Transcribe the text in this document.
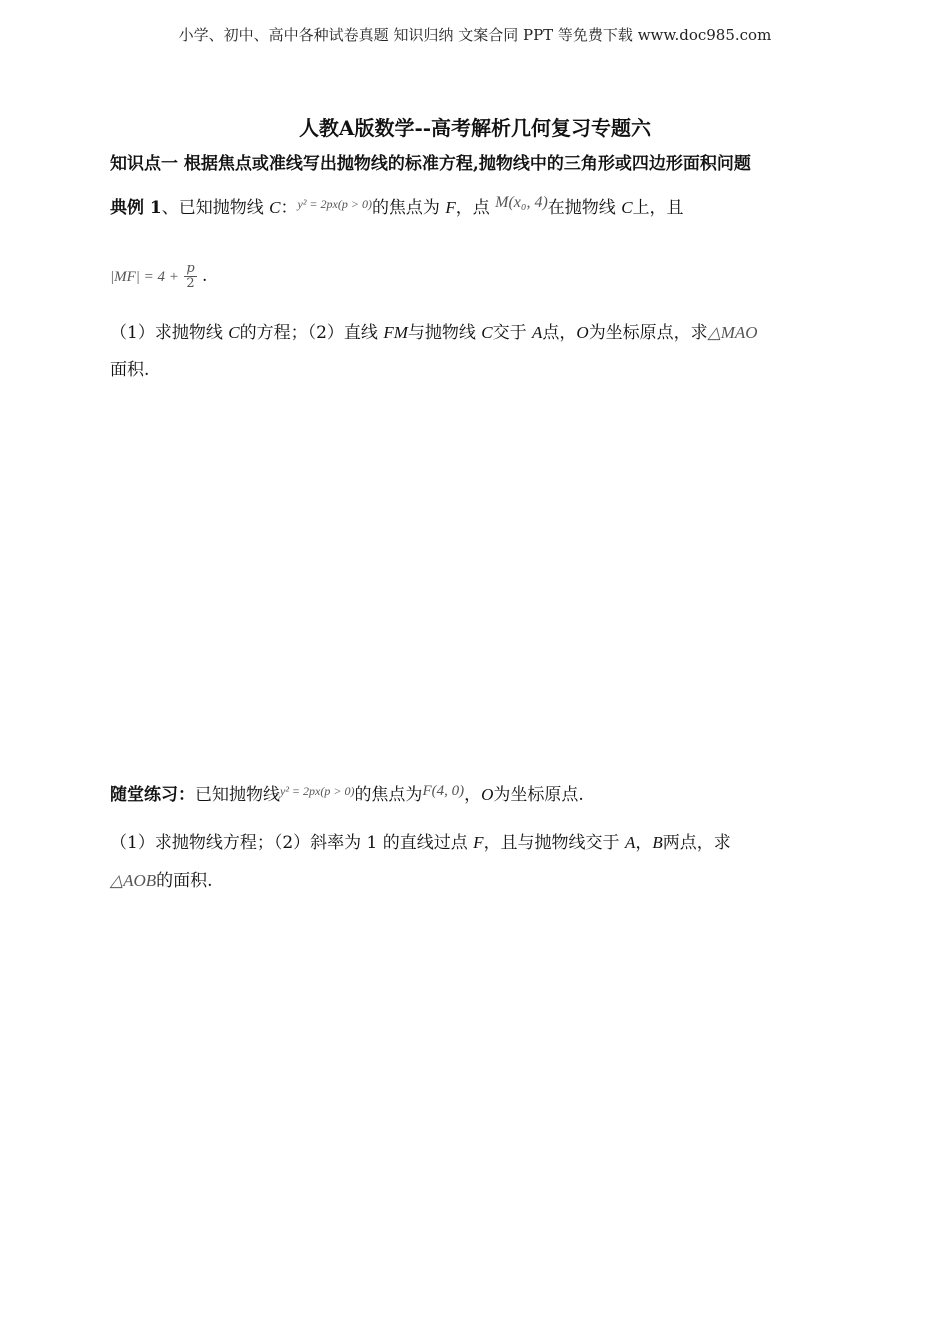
小学、初中、高中各种试卷真题 知识归纳 文案合同 PPT 等免费下载 www.doc985.com
人教A版数学--高考解析几何复习专题六
知识点一 根据焦点或准线写出抛物线的标准方程,抛物线中的三角形或四边形面积问题
典例 1、已知抛物线 C：$^{y^2 = 2px(p > 0)}$的焦点为 F，点 M(x₀, 4)在抛物线 C上，且
$|MF| = 4 + \frac{p}{2}$ .
（1）求抛物线 C的方程；（2）直线 FM与抛物线 C交于 A点，O为坐标原点，求△MAO
面积.
随堂练习：已知抛物线$^{y^2 = 2px(p > 0)}$的焦点为F(4, 0)，O为坐标原点.
（1）求抛物线方程；（2）斜率为 1 的直线过点 F，且与抛物线交于 A，B两点，求
△AOB的面积.
